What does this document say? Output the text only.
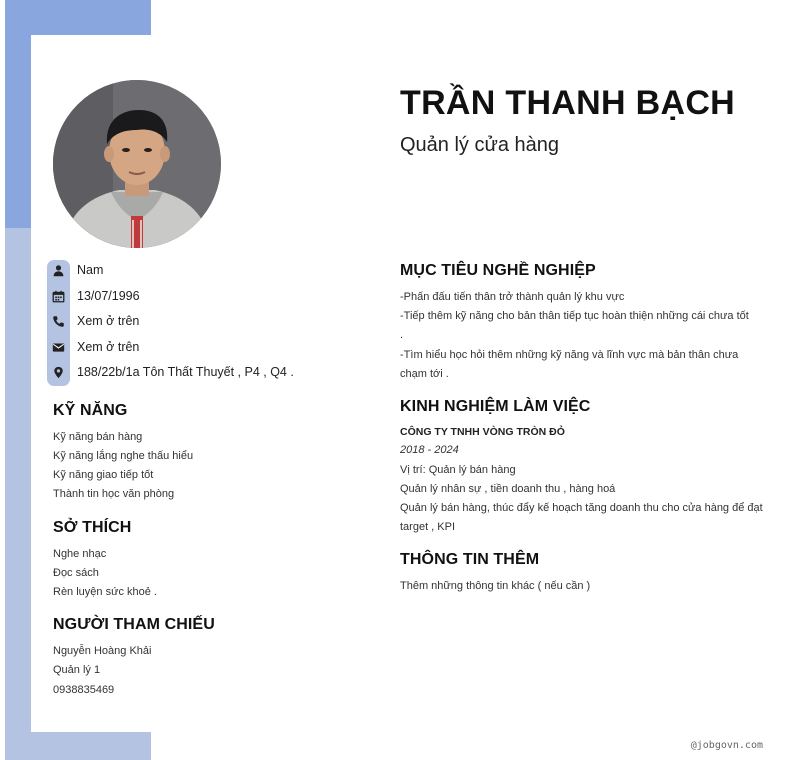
Nam
13/07/1996
Xem ở trên
Xem ở trên
188/22b/1a Tôn Thất Thuyết , P4 , Q4 .
KỸ NĂNG
Kỹ năng bán hàng
Kỹ năng lắng nghe thấu hiểu
Kỹ năng giao tiếp tốt
Thành tin học văn phòng
SỞ THÍCH
Nghe nhạc
Đọc sách
Rèn luyện sức khoẻ .
NGƯỜI THAM CHIẾU
Nguyễn Hoàng Khải
Quản lý 1
0938835469
TRẦN THANH BẠCH
Quản lý cửa hàng
MỤC TIÊU NGHỀ NGHIỆP
-Phấn đấu tiến thân trở thành quản lý khu vực
-Tiếp thêm kỹ năng cho bản thân tiếp tục hoàn thiện những cái chưa tốt
.
-Tìm hiểu học hỏi thêm những kỹ năng và lĩnh vực mà bản thân chưa
chạm tới .
KINH NGHIỆM LÀM VIỆC
CÔNG TY TNHH VÒNG TRÒN ĐỎ
2018 - 2024
Vị trí: Quản lý bán hàng
Quản lý nhân sự , tiền doanh thu , hàng hoá
Quản lý bán hàng, thúc đẩy kế hoạch tăng doanh thu cho cửa hàng để đạt
target , KPI
THÔNG TIN THÊM
Thêm những thông tin khác ( nếu cần )
@jobgovn.com
